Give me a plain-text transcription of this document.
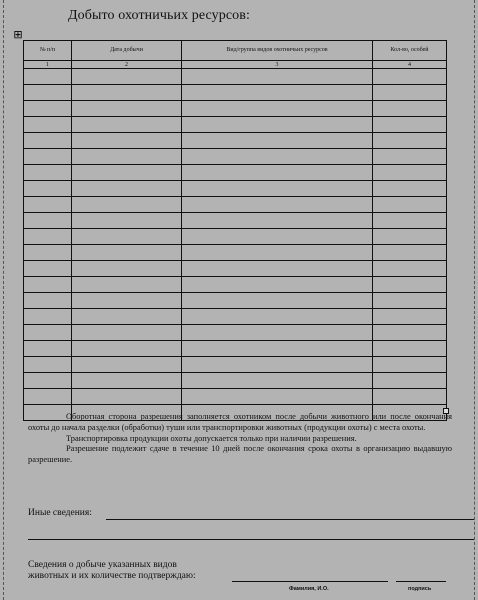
Добыто охотничьих ресурсов:
⊞
№ п/п	Дата добычи	Вид/группа видов охотничьих ресурсов	Кол-во, особей
1	2	3	4

Оборотная сторона разрешения заполняется охотником после добычи животного или после окончания охоты до начала разделки (обработки) туши или транспортировки животных (продукции охоты) с места охоты.

Транспортировка продукции охоты допускается только при наличии разрешения.

Разрешение подлежит сдаче в течение 10 дней после окончания срока охоты в организацию выдавшую разрешение.

Иные сведения:
Сведения о добыче указанных видов
животных и их количестве подтверждаю:
Фамилия, И.О.	подпись
